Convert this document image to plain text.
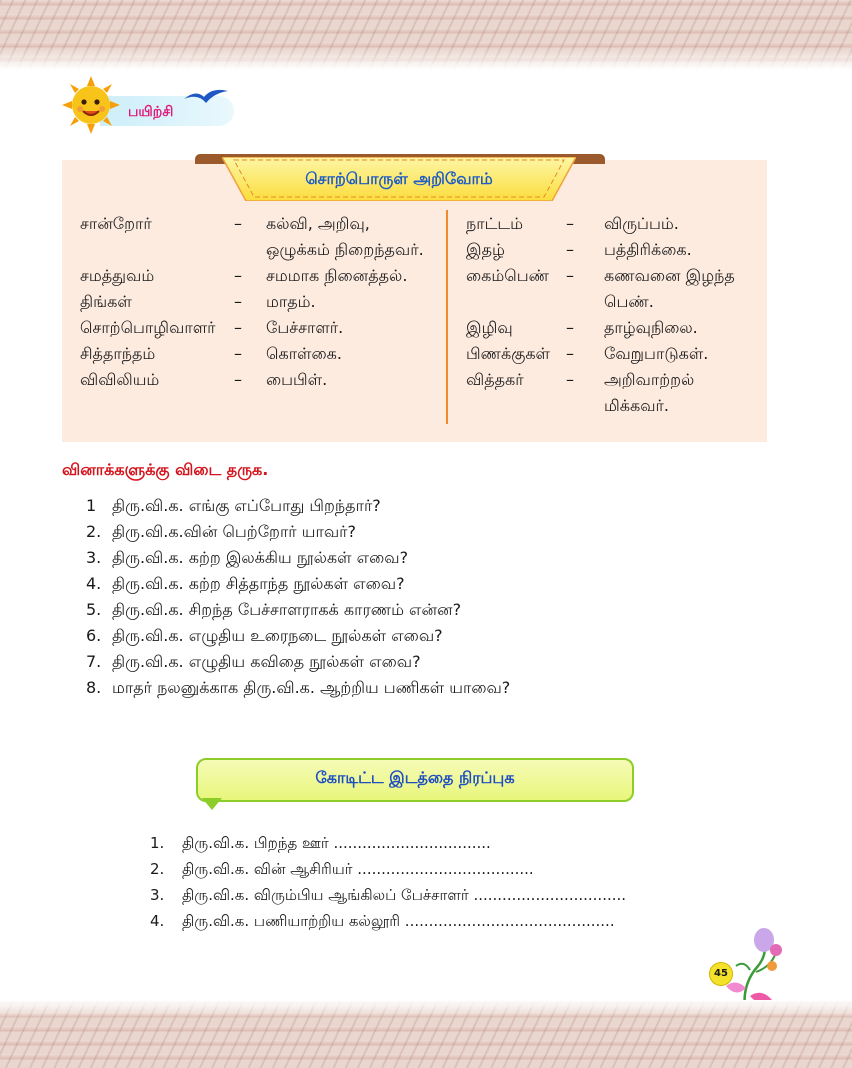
பயிற்சி
சொற்பொருள் அறிவோம்
சான்றோர்	– கல்வி, அறிவு,
ஒழுக்கம் நிறைந்தவர்.
சமத்துவம்	– சமமாக நினைத்தல்.
திங்கள்	– மாதம்.
சொற்பொழிவாளர் – பேச்சாளர்.
சித்தாந்தம்	– கொள்கை.
விவிலியம்	– பைபிள்.
நாட்டம்	– விருப்பம்.
இதழ்	– பத்திரிக்கை.
கைம்பெண் – கணவனை இழந்த
பெண்.
இழிவு	– தாழ்வுநிலை.
பிணக்குகள் – வேறுபாடுகள்.
வித்தகர்	– அறிவாற்றல்
மிக்கவர்.
வினாக்களுக்கு விடை தருக.
1 திரு.வி.க. எங்கு எப்போது பிறந்தார்?
2. திரு.வி.க.வின் பெற்றோர் யாவர்?
3. திரு.வி.க. கற்ற இலக்கிய நூல்கள் எவை?
4. திரு.வி.க. கற்ற சித்தாந்த நூல்கள் எவை?
5. திரு.வி.க. சிறந்த பேச்சாளராகக் காரணம் என்ன?
6. திரு.வி.க. எழுதிய உரைநடை நூல்கள் எவை?
7. திரு.வி.க. எழுதிய கவிதை நூல்கள் எவை?
8. மாதர் நலனுக்காக திரு.வி.க. ஆற்றிய பணிகள் யாவை?
கோடிட்ட இடத்தை நிரப்புக
1. திரு.வி.க. பிறந்த ஊர் .................................
2. திரு.வி.க. வின் ஆசிரியர் .....................................
3. திரு.வி.க. விரும்பிய ஆங்கிலப் பேச்சாளர் ................................
4. திரு.வி.க. பணியாற்றிய கல்லூரி ............................................
45
